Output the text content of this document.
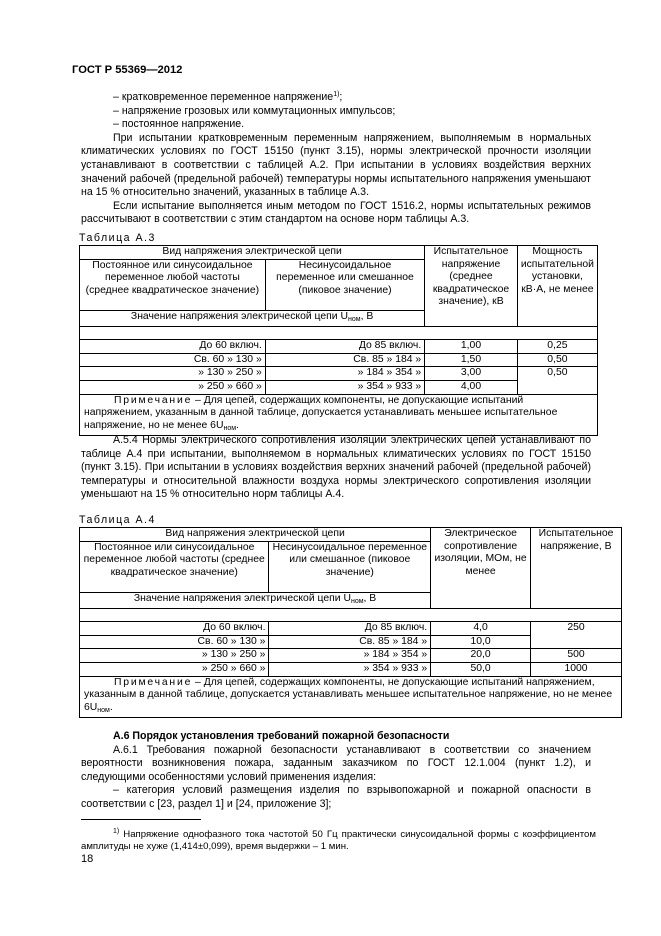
ГОСТ Р 55369—2012

– кратковременное переменное напряжение$^{1)}$;

– напряжение грозовых или коммутационных импульсов;

– постоянное напряжение.

При испытании кратковременным переменным напряжением, выполняемым в нормальных климатических условиях по ГОСТ 15150 (пункт 3.15), нормы электрической прочности изоляции устанавливают в соответствии с таблицей А.2. При испытании в условиях воздействия верхних значений рабочей (предельной рабочей) температуры нормы испытательного напряжения уменьшают на 15 % относительно значений, указанных в таблице А.3.

Если испытание выполняется иным методом по ГОСТ 1516.2, нормы испытательных режимов рассчитывают в соответствии с этим стандартом на основе норм таблицы А.3.

Таблица А.3
Вид напряжения электрической цепи		Испытательное напряжение (среднее квадратическое значение), кВ	Мощность испытательной установки, кВ·А, не менее
Постоянное или синусоидальное переменное любой частоты (среднее квадратическое значение)	Несинусоидальное переменное или смешанное (пиковое значение)		
Значение напряжения электрической цепи $U_{ном}$, В			

До 60 включ.	До 85 включ.	1,00	0,25
Св. 60 » 130 »	Св. 85 » 184 »	1,50	0,50
» 130 » 250 »	» 184 » 354 »	3,00	0,50
» 250 » 660 »	» 354 » 933 »	4,00	
Примечание – Для цепей, содержащих компоненты, не допускающие испытаний напряжением, указанным в данной таблице, допускается устанавливать меньшее испытательное напряжение, но не менее $6U_{ном}$.			

А.5.4 Нормы электрического сопротивления изоляции электрических цепей устанавливают по таблице А.4 при испытании, выполняемом в нормальных климатических условиях по ГОСТ 15150 (пункт 3.15). При испытании в условиях воздействия верхних значений рабочей (предельной рабочей) температуры и относительной влажности воздуха нормы электрического сопротивления изоляции уменьшают на 15 % относительно норм таблицы А.4.

Таблица А.4
Вид напряжения электрической цепи		Электрическое сопротивление изоляции, МОм, не менее	Испытательное напряжение, В
Постоянное или синусоидальное переменное любой частоты (среднее квадратическое значение)	Несинусоидальное переменное или смешанное (пиковое значение)		
Значение напряжения электрической цепи $U_{ном}$, В			

До 60 включ.	До 85 включ.	4,0	250
Св. 60 » 130 »	Св. 85 » 184 »	10,0	
» 130 » 250 »	» 184 » 354 »	20,0	500
» 250 » 660 »	» 354 » 933 »	50,0	1000
Примечание – Для цепей, содержащих компоненты, не допускающие испытаний напряжением, указанным в данной таблице, допускается устанавливать меньшее испытательное напряжение, но не менее $6U_{ном}$.			

А.6 Порядок установления требований пожарной безопасности

А.6.1 Требования пожарной безопасности устанавливают в соответствии со значением вероятности возникновения пожара, заданным заказчиком по ГОСТ 12.1.004 (пункт 1.2), и следующими особенностями условий применения изделия:

– категория условий размещения изделия по взрывопожарной и пожарной опасности в соответствии с [23, раздел 1] и [24, приложение 3];

$^{1)}$ Напряжение однофазного тока частотой 50 Гц практически синусоидальной формы с коэффициентом амплитуды не хуже (1,414±0,099), время выдержки – 1 мин.
18
